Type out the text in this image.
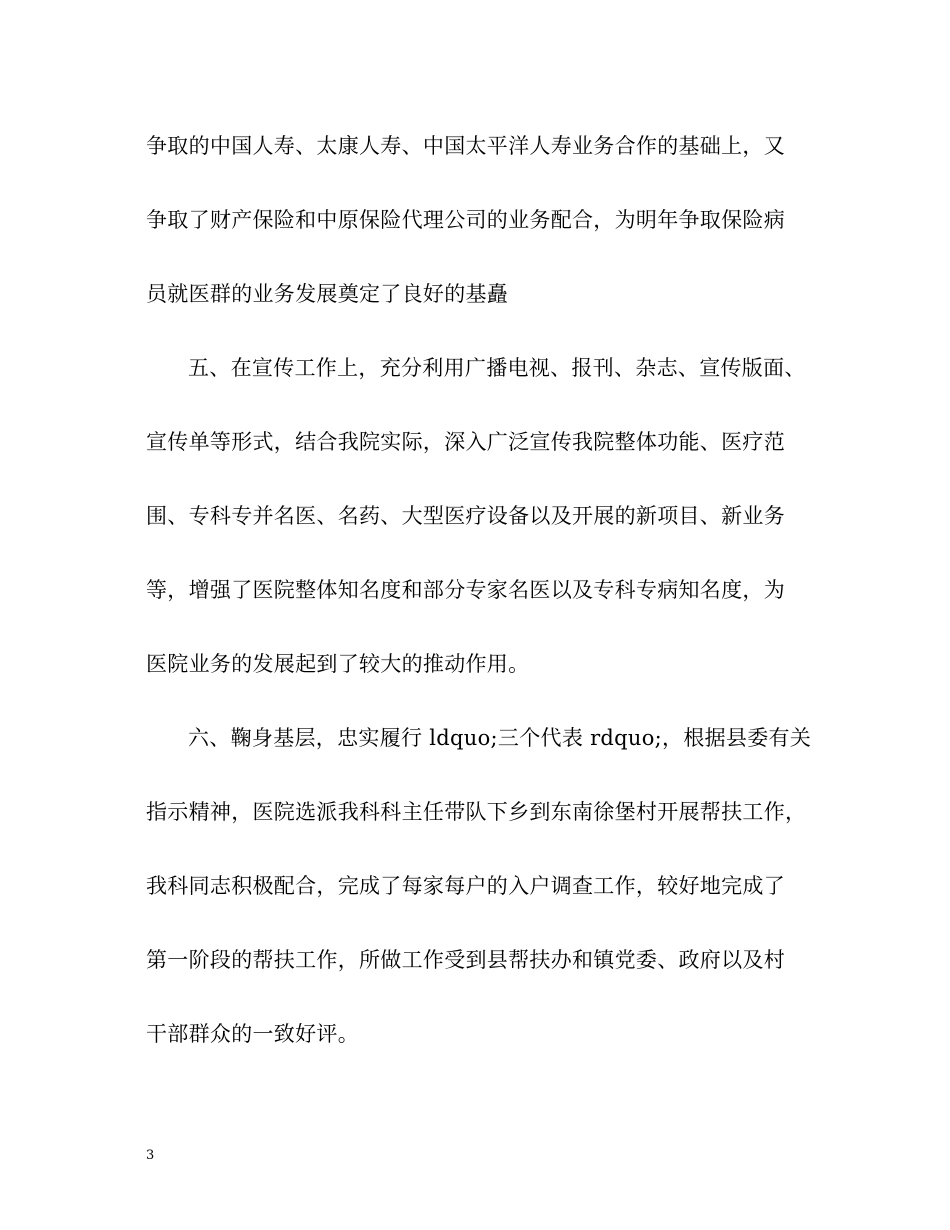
争取的中国人寿、太康人寿、中国太平洋人寿业务合作的基础上，又
争取了财产保险和中原保险代理公司的业务配合，为明年争取保险病
员就医群的业务发展奠定了良好的基矗
五、在宣传工作上，充分利用广播电视、报刊、杂志、宣传版面、
宣传单等形式，结合我院实际，深入广泛宣传我院整体功能、医疗范
围、专科专并名医、名药、大型医疗设备以及开展的新项目、新业务
等，增强了医院整体知名度和部分专家名医以及专科专病知名度，为
医院业务的发展起到了较大的推动作用。
六、鞠身基层，忠实履行 ldquo;三个代表 rdquo;，根据县委有关
指示精神，医院选派我科科主任带队下乡到东南徐堡村开展帮扶工作，
我科同志积极配合，完成了每家每户的入户调查工作，较好地完成了
第一阶段的帮扶工作，所做工作受到县帮扶办和镇党委、政府以及村
干部群众的一致好评。
3
